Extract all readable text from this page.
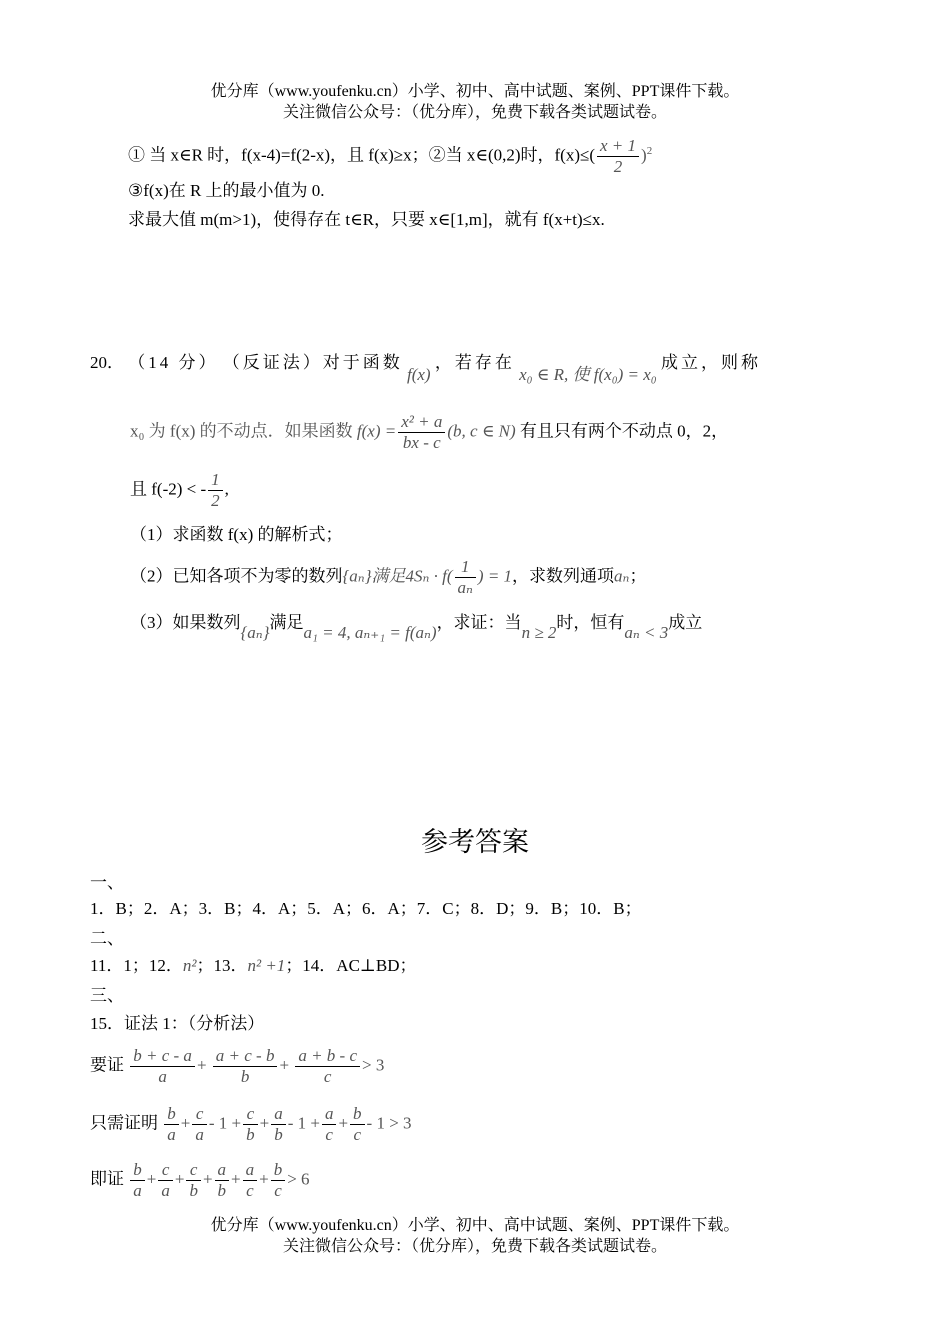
优分库（www.youfenku.cn）小学、初中、高中试题、案例、PPT课件下载。
关注微信公众号：（优分库），免费下载各类试题试卷。
① 当 x∈R 时，f(x-4)=f(2-x)，且 f(x)≥x；②当 x∈(0,2)时，$f(x)\le( \frac{x + 1}{2} )^2$
③f(x)在 R 上的最小值为 0.
求最大值 m(m>1)，使得存在 t∈R，只要 x∈[1,m]，就有 f(x+t)≤x.
20． （14 分） （反证法）对于函数 f(x) ，若存在 x₀ ∈ R, 使 f(x₀) = x₀ 成立，则称
x₀ 为 f(x) 的不动点．如果函数 $f(x) = \frac{\text{x² + a}}{bx - c} (b$, c ∈ N) 有且只有两个不动点 0，2，
且 f(-2) < - $\frac{1}{2}$ ,
（1）求函数 f(x) 的解析式；
（2）已知各项不为零的数列{aₙ}满足$4S_n \cdot f( \frac{1}{\text{aₙ}}$ ) = 1，求数列通项aₙ；
（3）如果数列{aₙ}满足a₁ = 4, aₙ₊₁ = f(aₙ)，求证：当n ≥ 2时，恒有aₙ < 3成立
参考答案
一、
1．B；2．A；3．B；4．A；5．A；6．A；7．C；8．D；9．B；10．B；
二、
11．1；12．n²；13．n² +1；14．AC⊥BD；
三、
15．证法 1：（分析法）
要证 $\frac{b + c - a}{a} + \frac{a + c - b}{b} + \frac{a + b - c}{c} > 3$
只需证明 $\frac{b}{a} + \frac{c}{a} - 1 + \frac{c}{b} + \frac{a}{b} - 1 + \frac{a}{c} + \frac{b}{c} - 1 > 3$
即证 $\frac{b}{a} + \frac{c}{a} + \frac{c}{b} + \frac{a}{b} + \frac{a}{c} + \frac{b}{c} > 6$
优分库（www.youfenku.cn）小学、初中、高中试题、案例、PPT课件下载。
关注微信公众号：（优分库），免费下载各类试题试卷。
